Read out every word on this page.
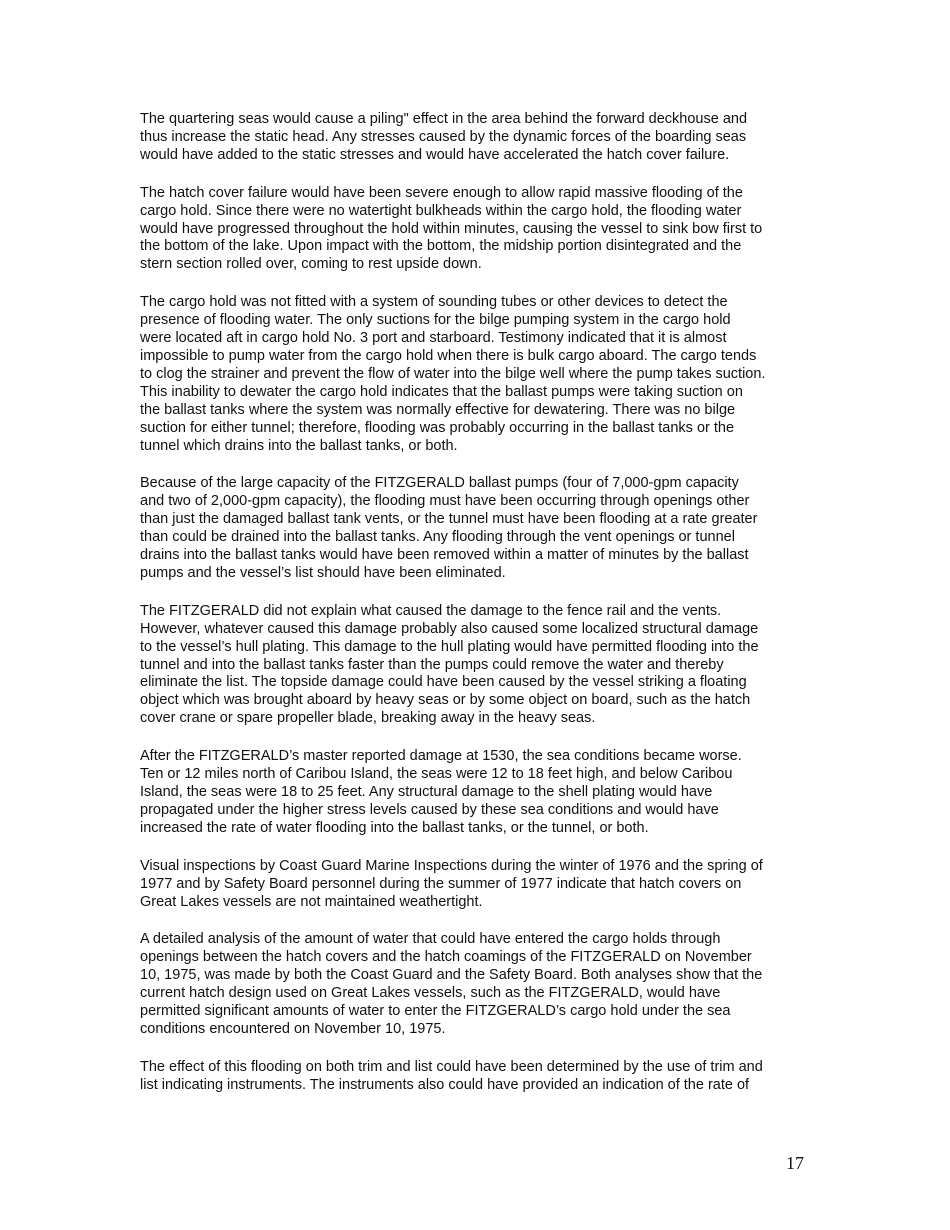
The quartering seas would cause a piling" effect in the area behind the forward deckhouse and
thus increase the static head. Any stresses caused by the dynamic forces of the boarding seas
would have added to the static stresses and would have accelerated the hatch cover failure.

The hatch cover failure would have been severe enough to allow rapid massive flooding of the
cargo hold. Since there were no watertight bulkheads within the cargo hold, the flooding water
would have progressed throughout the hold within minutes, causing the vessel to sink bow first to
the bottom of the lake. Upon impact with the bottom, the midship portion disintegrated and the
stern section rolled over, coming to rest upside down.

The cargo hold was not fitted with a system of sounding tubes or other devices to detect the
presence of flooding water. The only suctions for the bilge pumping system in the cargo hold
were located aft in cargo hold No. 3 port and starboard. Testimony indicated that it is almost
impossible to pump water from the cargo hold when there is bulk cargo aboard. The cargo tends
to clog the strainer and prevent the flow of water into the bilge well where the pump takes suction.
This inability to dewater the cargo hold indicates that the ballast pumps were taking suction on
the ballast tanks where the system was normally effective for dewatering. There was no bilge
suction for either tunnel; therefore, flooding was probably occurring in the ballast tanks or the
tunnel which drains into the ballast tanks, or both.

Because of the large capacity of the FITZGERALD ballast pumps (four of 7,000-gpm capacity
and two of 2,000-gpm capacity), the flooding must have been occurring through openings other
than just the damaged ballast tank vents, or the tunnel must have been flooding at a rate greater
than could be drained into the ballast tanks. Any flooding through the vent openings or tunnel
drains into the ballast tanks would have been removed within a matter of minutes by the ballast
pumps and the vessel’s list should have been eliminated.

The FITZGERALD did not explain what caused the damage to the fence rail and the vents.
However, whatever caused this damage probably also caused some localized structural damage
to the vessel’s hull plating. This damage to the hull plating would have permitted flooding into the
tunnel and into the ballast tanks faster than the pumps could remove the water and thereby
eliminate the list. The topside damage could have been caused by the vessel striking a floating
object which was brought aboard by heavy seas or by some object on board, such as the hatch
cover crane or spare propeller blade, breaking away in the heavy seas.

After the FITZGERALD’s master reported damage at 1530, the sea conditions became worse.
Ten or 12 miles north of Caribou Island, the seas were 12 to 18 feet high, and below Caribou
Island, the seas were 18 to 25 feet. Any structural damage to the shell plating would have
propagated under the higher stress levels caused by these sea conditions and would have
increased the rate of water flooding into the ballast tanks, or the tunnel, or both.

Visual inspections by Coast Guard Marine Inspections during the winter of 1976 and the spring of
1977 and by Safety Board personnel during the summer of 1977 indicate that hatch covers on
Great Lakes vessels are not maintained weathertight.

A detailed analysis of the amount of water that could have entered the cargo holds through
openings between the hatch covers and the hatch coamings of the FITZGERALD on November
10, 1975, was made by both the Coast Guard and the Safety Board. Both analyses show that the
current hatch design used on Great Lakes vessels, such as the FITZGERALD, would have
permitted significant amounts of water to enter the FITZGERALD’s cargo hold under the sea
conditions encountered on November 10, 1975.

The effect of this flooding on both trim and list could have been determined by the use of trim and
list indicating instruments. The instruments also could have provided an indication of the rate of

17
